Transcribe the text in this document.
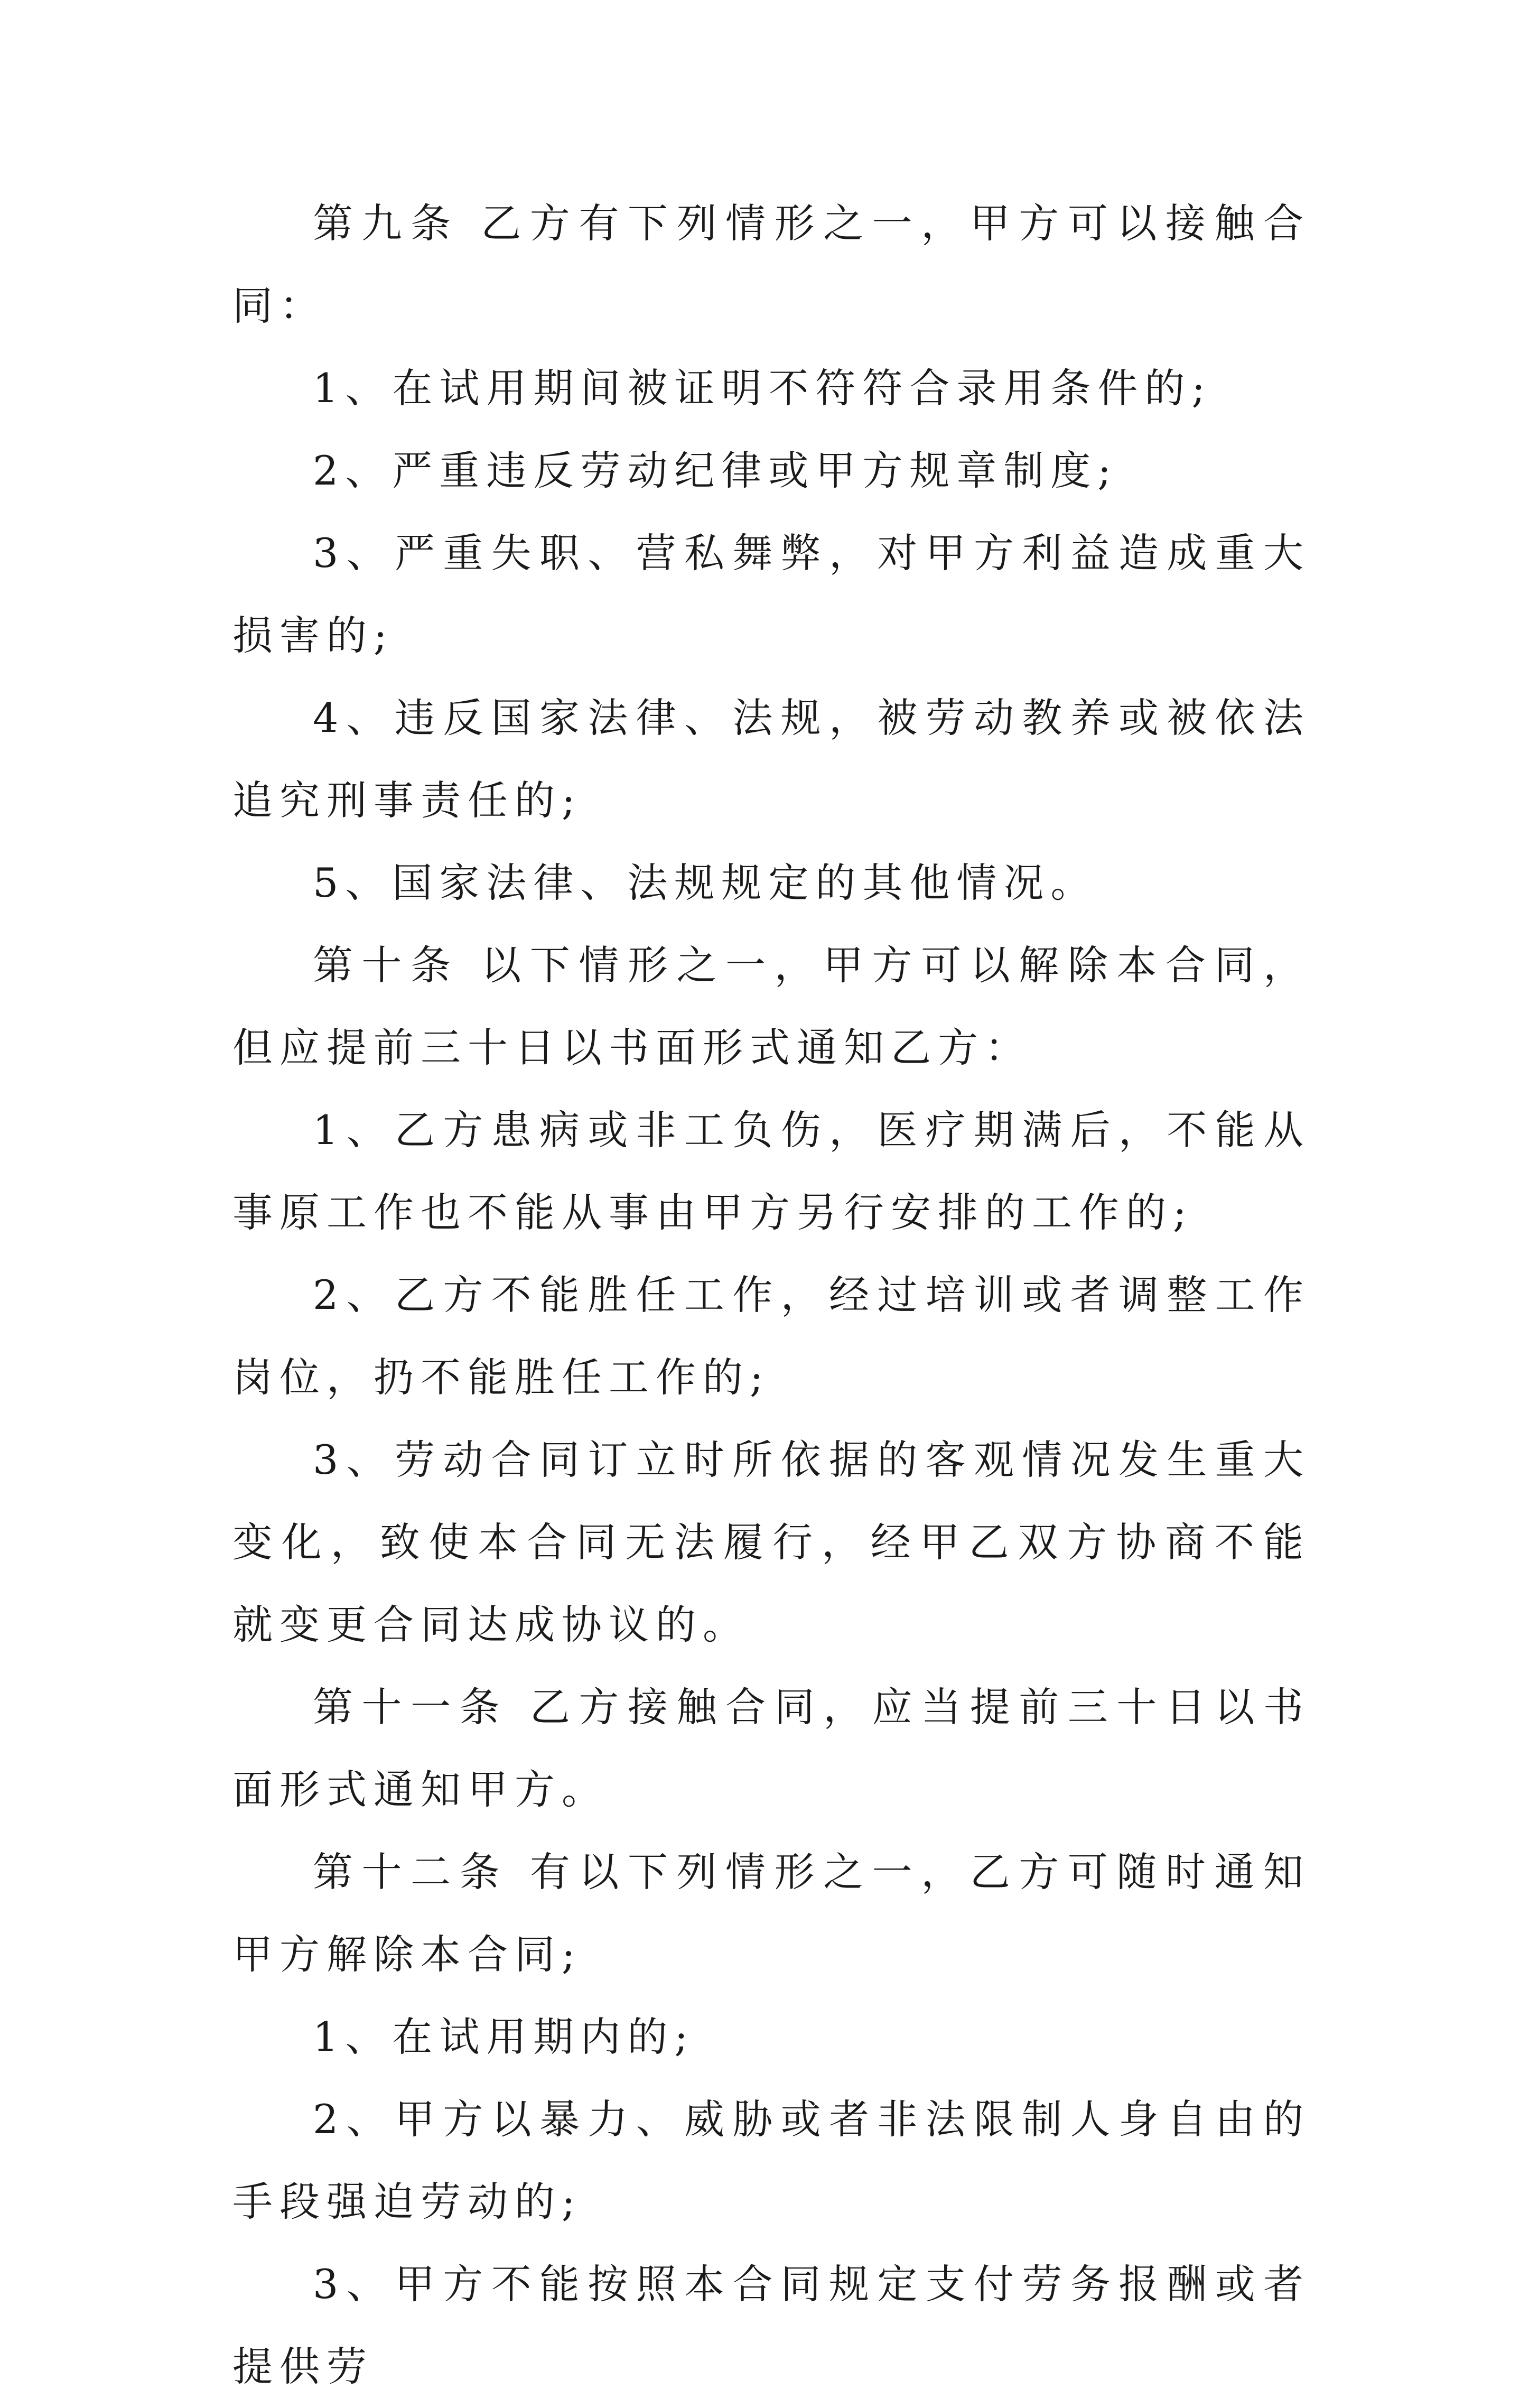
第九条 乙方有下列情形之一，甲方可以接触合同：

1、在试用期间被证明不符符合录用条件的;

2、严重违反劳动纪律或甲方规章制度;

3、严重失职、营私舞弊，对甲方利益造成重大损害的;

4、违反国家法律、法规，被劳动教养或被依法追究刑事责任的;

5、国家法律、法规规定的其他情况。

第十条 以下情形之一，甲方可以解除本合同，但应提前三十日以书面形式通知乙方：

1、乙方患病或非工负伤，医疗期满后，不能从事原工作也不能从事由甲方另行安排的工作的;

2、乙方不能胜任工作，经过培训或者调整工作岗位，扔不能胜任工作的;

3、劳动合同订立时所依据的客观情况发生重大变化，致使本合同无法履行，经甲乙双方协商不能就变更合同达成协议的。

第十一条 乙方接触合同，应当提前三十日以书面形式通知甲方。

第十二条 有以下列情形之一，乙方可随时通知甲方解除本合同;

1、在试用期内的;

2、甲方以暴力、威胁或者非法限制人身自由的手段强迫劳动的;

3、甲方不能按照本合同规定支付劳务报酬或者提供劳
